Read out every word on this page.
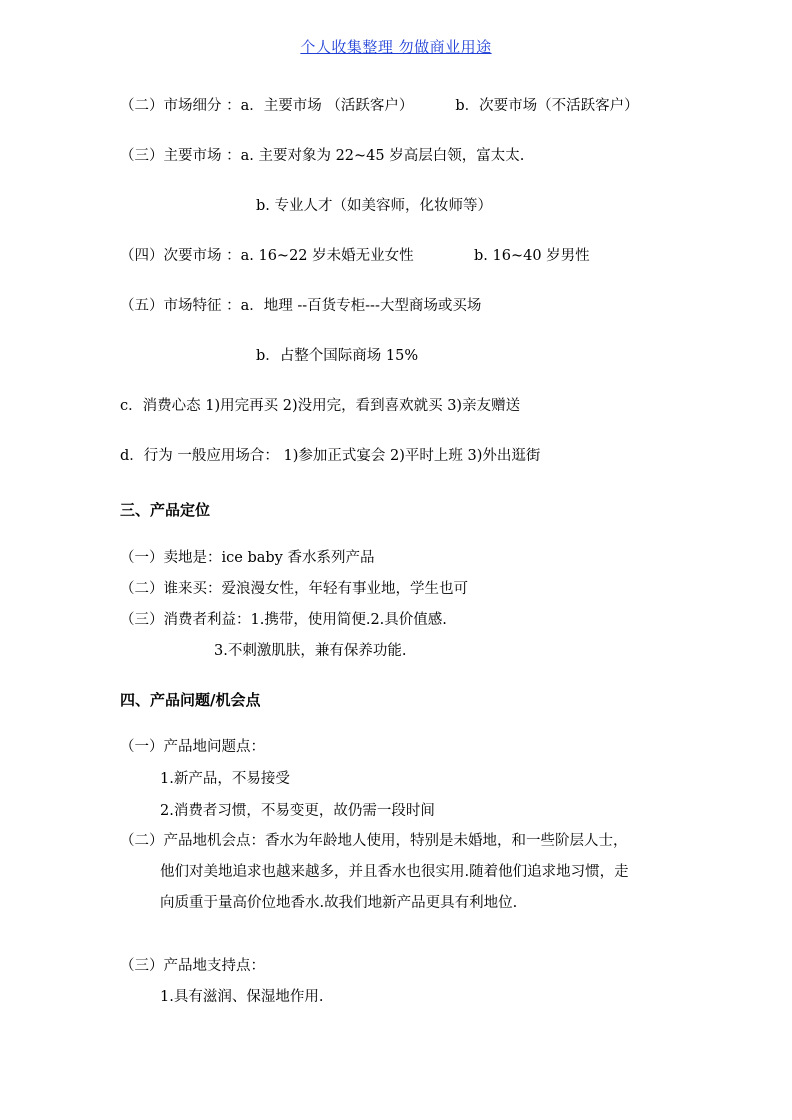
个人收集整理 勿做商业用途
（二）市场细分 ：a．主要市场 （活跃客户）	b．次要市场（不活跃客户）
（三）主要市场 ：a. 主要对象为 22~45 岁高层白领，富太太.
b. 专业人才（如美容师，化妆师等）
（四）次要市场 ：a. 16~22 岁未婚无业女性	b. 16~40 岁男性
（五）市场特征 ：a．地理 --百货专柜---大型商场或买场
b．占整个国际商场 15%
c．消费心态 1)用完再买 2)没用完，看到喜欢就买 3)亲友赠送
d．行为 一般应用场合： 1)参加正式宴会 2)平时上班 3)外出逛街
三、产品定位
（一）卖地是：ice baby 香水系列产品
（二）谁来买：爱浪漫女性，年轻有事业地，学生也可
（三）消费者利益：1.携带，使用简便.2.具价值感.
3.不刺激肌肤，兼有保养功能.
四、产品问题/机会点
（一）产品地问题点：
1.新产品，不易接受
2.消费者习惯，不易变更，故仍需一段时间
（二）产品地机会点：香水为年龄地人使用，特别是未婚地，和一些阶层人士，
他们对美地追求也越来越多，并且香水也很实用.随着他们追求地习惯，走
向质重于量高价位地香水.故我们地新产品更具有利地位.
（三）产品地支持点：
1.具有滋润、保湿地作用.
